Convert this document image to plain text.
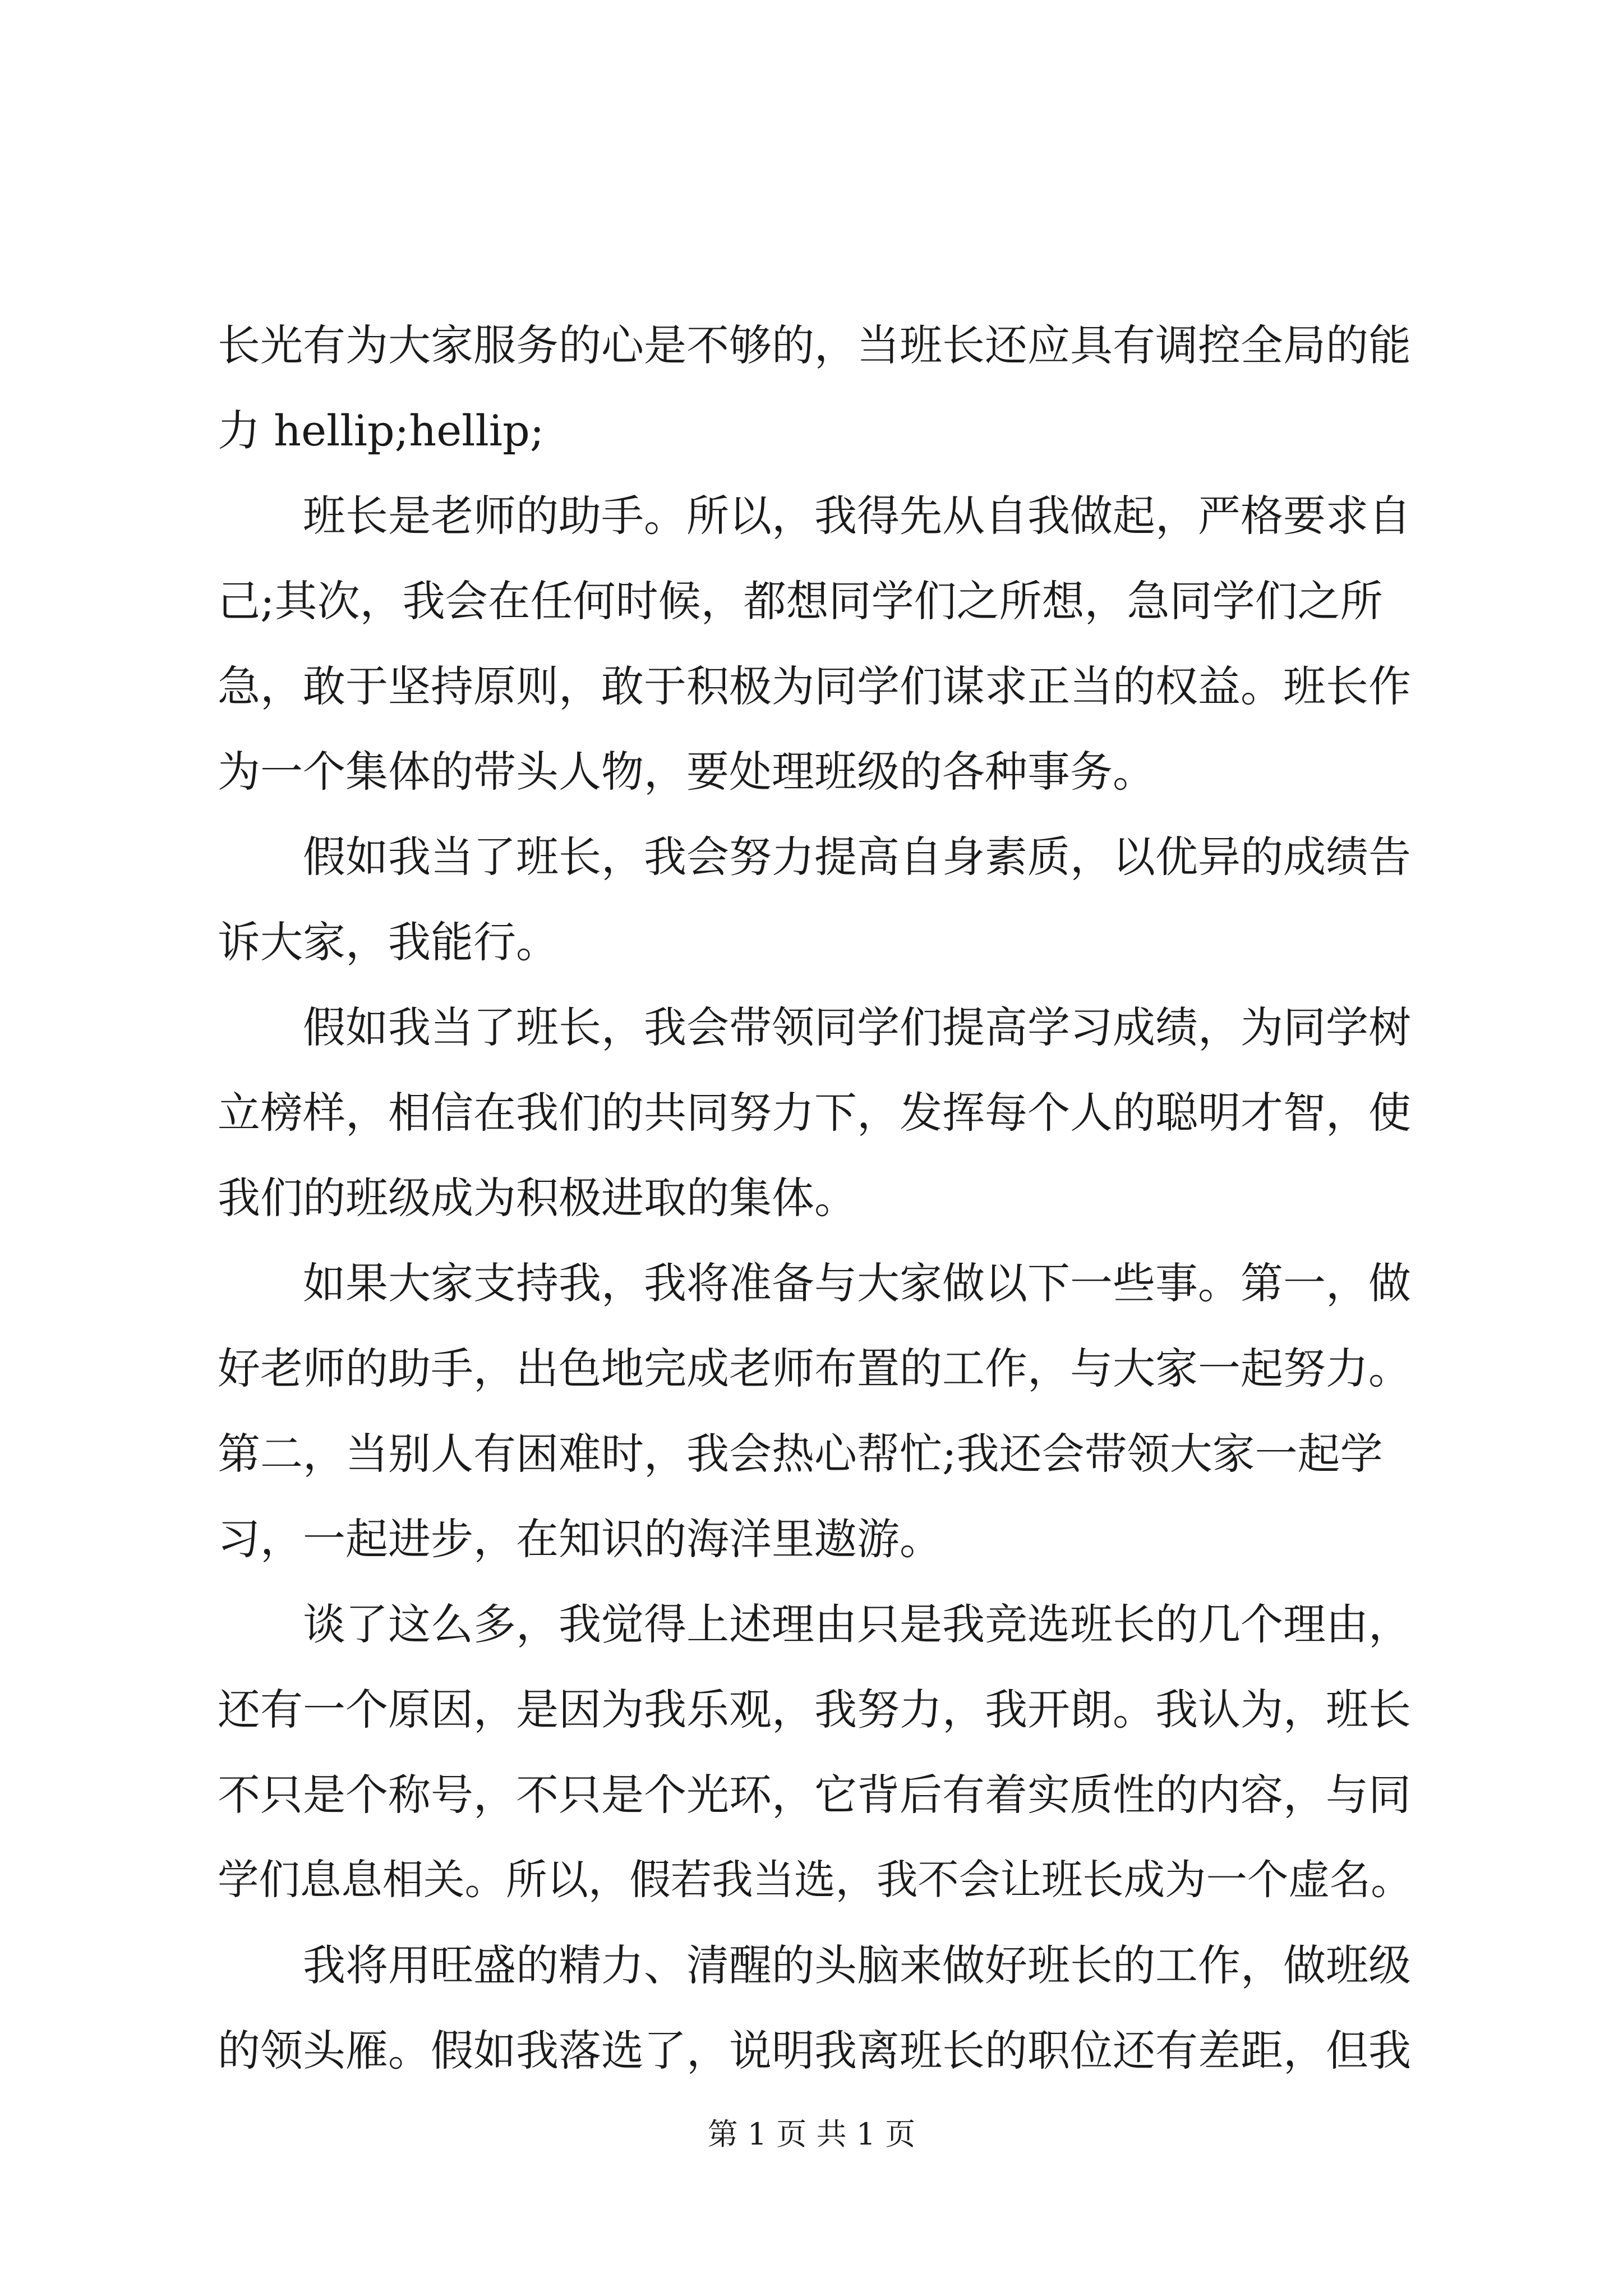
长光有为大家服务的心是不够的，当班长还应具有调控全局的能
力 hellip;hellip;
班长是老师的助手。所以，我得先从自我做起，严格要求自
己;其次，我会在任何时候，都想同学们之所想，急同学们之所
急，敢于坚持原则，敢于积极为同学们谋求正当的权益。班长作
为一个集体的带头人物，要处理班级的各种事务。
假如我当了班长，我会努力提高自身素质，以优异的成绩告
诉大家，我能行。
假如我当了班长，我会带领同学们提高学习成绩，为同学树
立榜样，相信在我们的共同努力下，发挥每个人的聪明才智，使
我们的班级成为积极进取的集体。
如果大家支持我，我将准备与大家做以下一些事。第一，做
好老师的助手，出色地完成老师布置的工作，与大家一起努力。
第二，当别人有困难时，我会热心帮忙;我还会带领大家一起学
习，一起进步，在知识的海洋里遨游。
谈了这么多，我觉得上述理由只是我竞选班长的几个理由，
还有一个原因，是因为我乐观，我努力，我开朗。我认为，班长
不只是个称号，不只是个光环，它背后有着实质性的内容，与同
学们息息相关。所以，假若我当选，我不会让班长成为一个虚名。
我将用旺盛的精力、清醒的头脑来做好班长的工作，做班级
的领头雁。假如我落选了，说明我离班长的职位还有差距，但我
第 1 页 共 1 页
